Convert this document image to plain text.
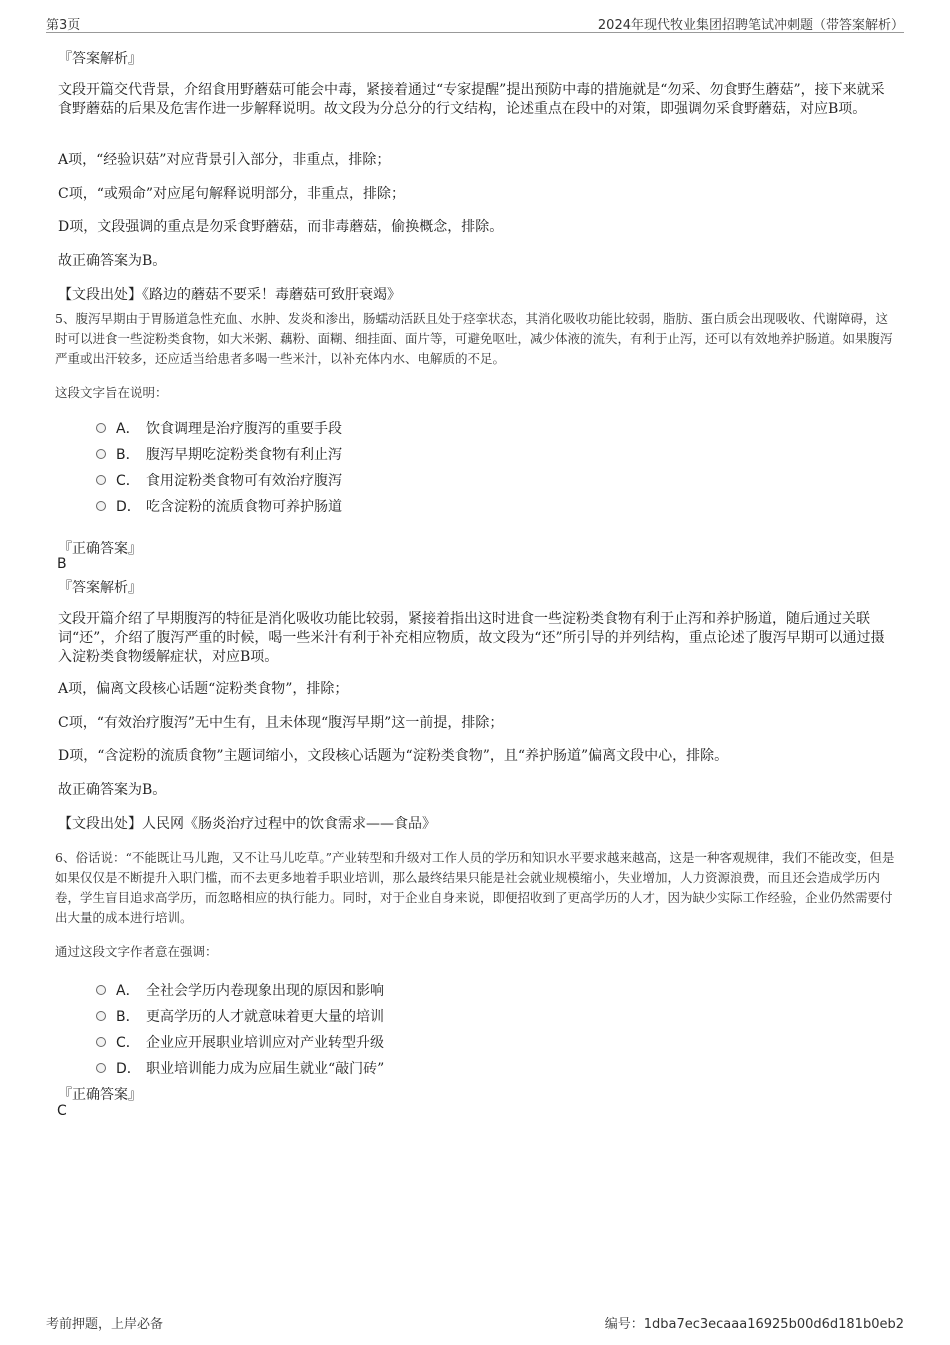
第3页	2024年现代牧业集团招聘笔试冲刺题（带答案解析）
『答案解析』
文段开篇交代背景，介绍食用野蘑菇可能会中毒，紧接着通过“专家提醒”提出预防中毒的措施就是“勿采、勿食野生蘑菇”，接下来就采食野蘑菇的后果及危害作进一步解释说明。故文段为分总分的行文结构，论述重点在段中的对策，即强调勿采食野蘑菇，对应B项。
A项，“经验识菇”对应背景引入部分，非重点，排除；
C项，“或殒命”对应尾句解释说明部分，非重点，排除；
D项，文段强调的重点是勿采食野蘑菇，而非毒蘑菇，偷换概念，排除。
故正确答案为B。
【文段出处】《路边的蘑菇不要采！毒蘑菇可致肝衰竭》
5、腹泻早期由于胃肠道急性充血、水肿、发炎和渗出，肠蠕动活跃且处于痉挛状态，其消化吸收功能比较弱，脂肪、蛋白质会出现吸收、代谢障碍，这时可以进食一些淀粉类食物，如大米粥、藕粉、面糊、细挂面、面片等，可避免呕吐，减少体液的流失，有利于止泻，还可以有效地养护肠道。如果腹泻严重或出汗较多，还应适当给患者多喝一些米汁，以补充体内水、电解质的不足。
这段文字旨在说明：
A． 饮食调理是治疗腹泻的重要手段
B． 腹泻早期吃淀粉类食物有利止泻
C． 食用淀粉类食物可有效治疗腹泻
D． 吃含淀粉的流质食物可养护肠道
『正确答案』
B
『答案解析』
文段开篇介绍了早期腹泻的特征是消化吸收功能比较弱，紧接着指出这时进食一些淀粉类食物有利于止泻和养护肠道，随后通过关联词“还”，介绍了腹泻严重的时候，喝一些米汁有利于补充相应物质，故文段为“还”所引导的并列结构，重点论述了腹泻早期可以通过摄入淀粉类食物缓解症状，对应B项。
A项，偏离文段核心话题“淀粉类食物”，排除；
C项，“有效治疗腹泻”无中生有，且未体现“腹泻早期”这一前提，排除；
D项，“含淀粉的流质食物”主题词缩小，文段核心话题为“淀粉类食物”，且“养护肠道”偏离文段中心，排除。
故正确答案为B。
【文段出处】人民网《肠炎治疗过程中的饮食需求——食品》
6、俗话说：“不能既让马儿跑，又不让马儿吃草。”产业转型和升级对工作人员的学历和知识水平要求越来越高，这是一种客观规律，我们不能改变，但是如果仅仅是不断提升入职门槛，而不去更多地着手职业培训，那么最终结果只能是社会就业规模缩小，失业增加，人力资源浪费，而且还会造成学历内卷，学生盲目追求高学历，而忽略相应的执行能力。同时，对于企业自身来说，即便招收到了更高学历的人才，因为缺少实际工作经验，企业仍然需要付出大量的成本进行培训。
通过这段文字作者意在强调：
A． 全社会学历内卷现象出现的原因和影响
B． 更高学历的人才就意味着更大量的培训
C． 企业应开展职业培训应对产业转型升级
D． 职业培训能力成为应届生就业“敲门砖”
『正确答案』
C
考前押题，上岸必备	编号：1dba7ec3ecaaa16925b00d6d181b0eb2
